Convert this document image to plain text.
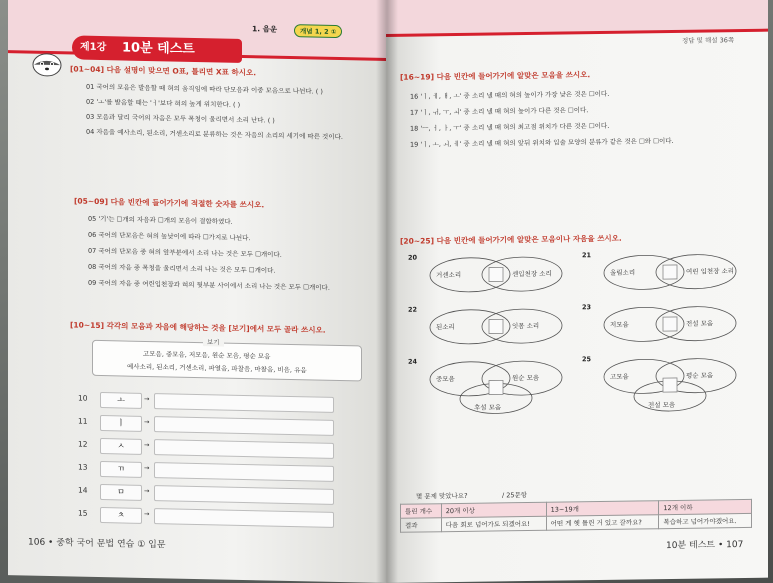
제1강 10분 테스트
1. 음운	개념 1, 2 ①
[01~04] 다음 설명이 맞으면 O표, 틀리면 X표 하시오.
01 국어의 모음은 발음할 때 혀의 움직임에 따라 단모음과 이중 모음으로 나뉜다. ( )
02 'ㅗ'를 발음할 때는 'ㅓ'보다 혀의 높게 위치한다. ( )
03 모음과 달리 국어의 자음은 모두 목청이 울리면서 소리 난다. ( )
04 자음을 예사소리, 된소리, 거센소리로 분류하는 것은 자음의 소리의 세기에 따른 것이다.
[05~09] 다음 빈칸에 들어가기에 적절한 숫자를 쓰시오.
05 '기'는 ☐개의 자음과 ☐개의 모음이 결합하였다.
06 국어의 단모음은 혀의 높낮이에 따라 ☐가지로 나뉜다.
07 국어의 단모음 중 혀의 앞부분에서 소리 나는 것은 모두 ☐개이다.
08 국어의 자음 중 목청을 울리면서 소리 나는 것은 모두 ☐개이다.
09 국어의 자음 중 여린입천장과 혀의 뒷부분 사이에서 소리 나는 것은 모두 ☐개이다.
[10~15] 각각의 모음과 자음에 해당하는 것을 [보기]에서 모두 골라 쓰시오.
보기
고모음, 중모음, 저모음, 원순 모음, 평순 모음
예사소리, 된소리, 거센소리, 파열음, 파찰음, 마찰음, 비음, 유음
10	ㅗ	→
11	ㅣ	→
12	ㅅ	→
13	ㄲ	→
14	ㅁ	→
15	ㅊ	→
106 • 중학 국어 문법 연습 ① 입문
정답 및 해설 36쪽
[16~19] 다음 빈칸에 들어가기에 알맞은 모음을 쓰시오.
16 'ㅣ, ㅔ, ㅐ, ㅗ' 중 소리 낼 때의 혀의 높이가 가장 낮은 것은 ☐이다.
17 'ㅣ, ㅟ, ㅜ, ㅚ' 중 소리 낼 때 혀의 높이가 다른 것은 ☐이다.
18 'ㅡ, ㅓ, ㅏ, ㅜ' 중 소리 낼 때 혀의 최고점 위치가 다른 것은 ☐이다.
19 'ㅣ, ㅗ, ㅚ, ㅔ' 중 소리 낼 때 혀의 앞뒤 위치와 입술 모양의 분류가 같은 것은 ☐와 ☐이다.
[20~25] 다음 빈칸에 들어가기에 알맞은 모음이나 자음을 쓰시오.
20
거센소리	센입천장 소리
21
울림소리	여린 입천장 소리
22
된소리	잇몸 소리
23
저모음	전설 모음
24
중모음	원순 모음
후설 모음
25
고모음	평순 모음
전설 모음
몇 문제 맞았나요?	/ 25문항
틀린 개수	20개 이상	13~19개	12개 이하
결과	다음 회로 넘어가도 되겠어요!	어떤 게 헷 틀린 거 있고 갈까요?	복습하고 넘어가야겠어요.
10분 테스트 • 107
